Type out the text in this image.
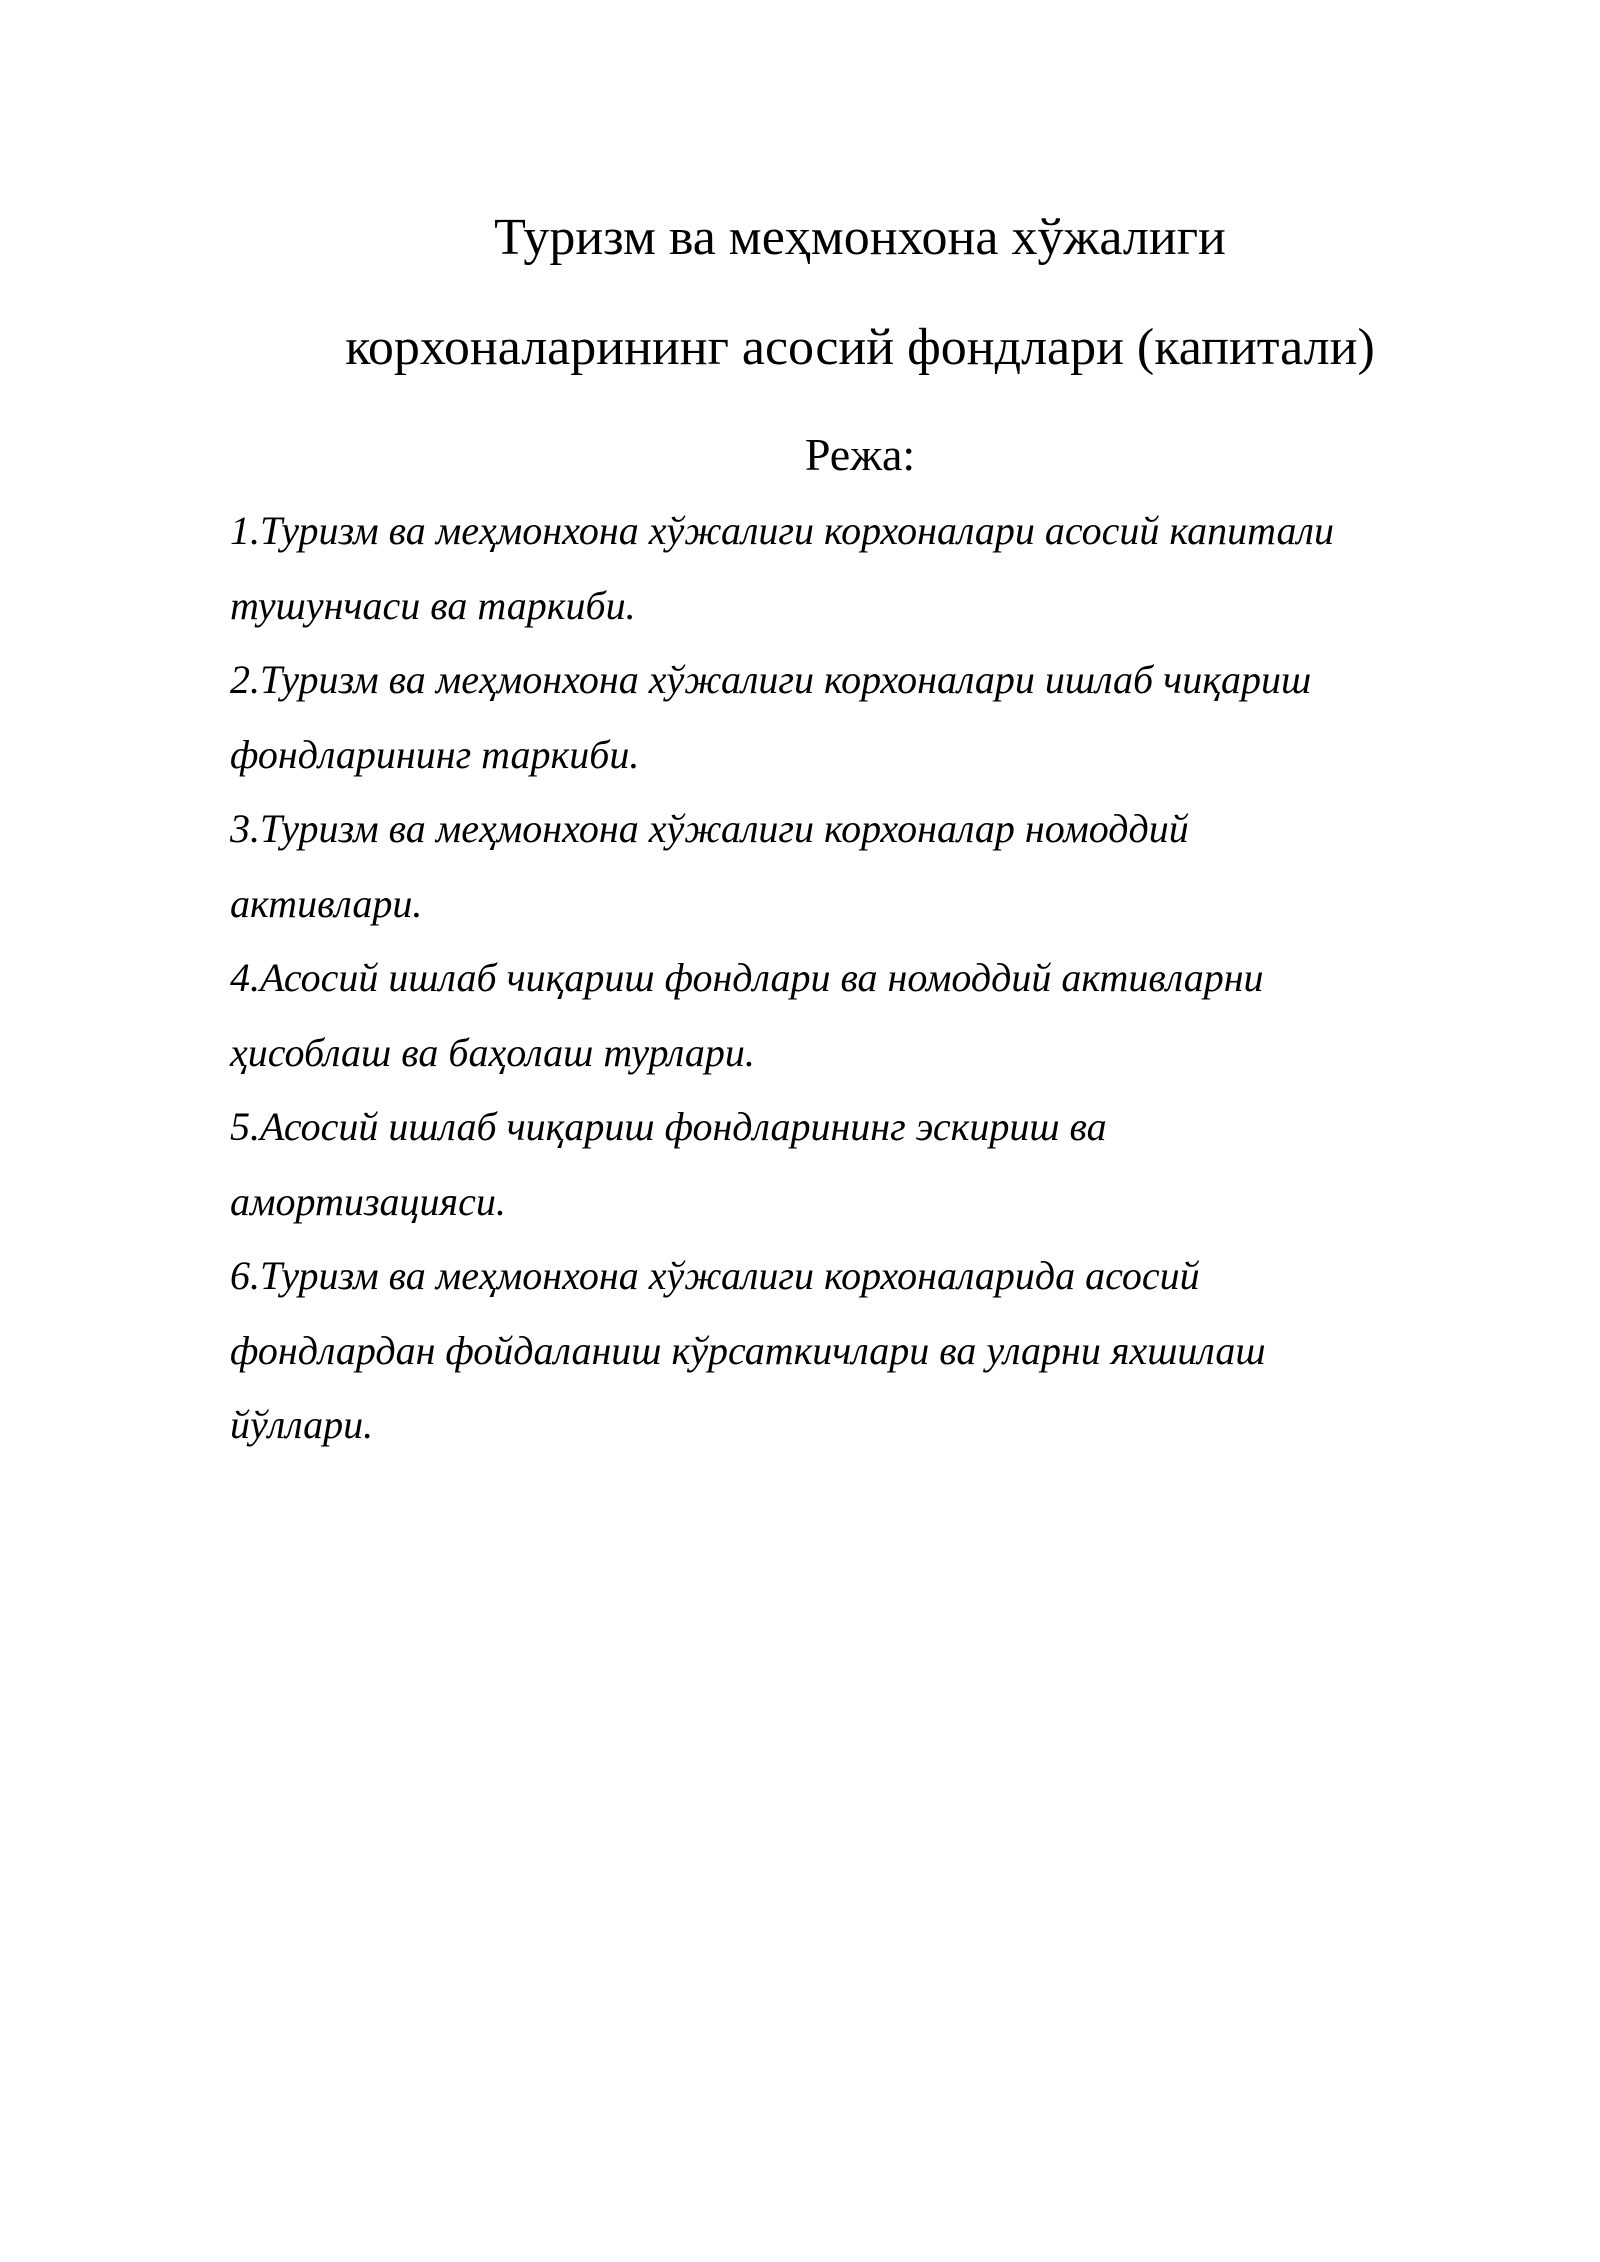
Туризм ва меҳмонхона хўжалиги
корхоналарининг асосий фондлари (капитали)
Режа:
1.Туризм ва меҳмонхона хўжалиги корхоналари асосий капитали
тушунчаси ва таркиби.
2.Туризм ва меҳмонхона хўжалиги корхоналари ишлаб чиқариш
фондларининг таркиби.
3.Туризм ва меҳмонхона хўжалиги корхоналар номоддий
активлари.
4.Асосий ишлаб чиқариш фондлари ва номоддий активларни
ҳисоблаш ва баҳолаш турлари.
5.Асосий ишлаб чиқариш фондларининг эскириш ва
амортизацияси.
6.Туризм ва меҳмонхона хўжалиги корхоналарида асосий
фондлардан фойдаланиш кўрсаткичлари ва уларни яхшилаш
йўллари.
